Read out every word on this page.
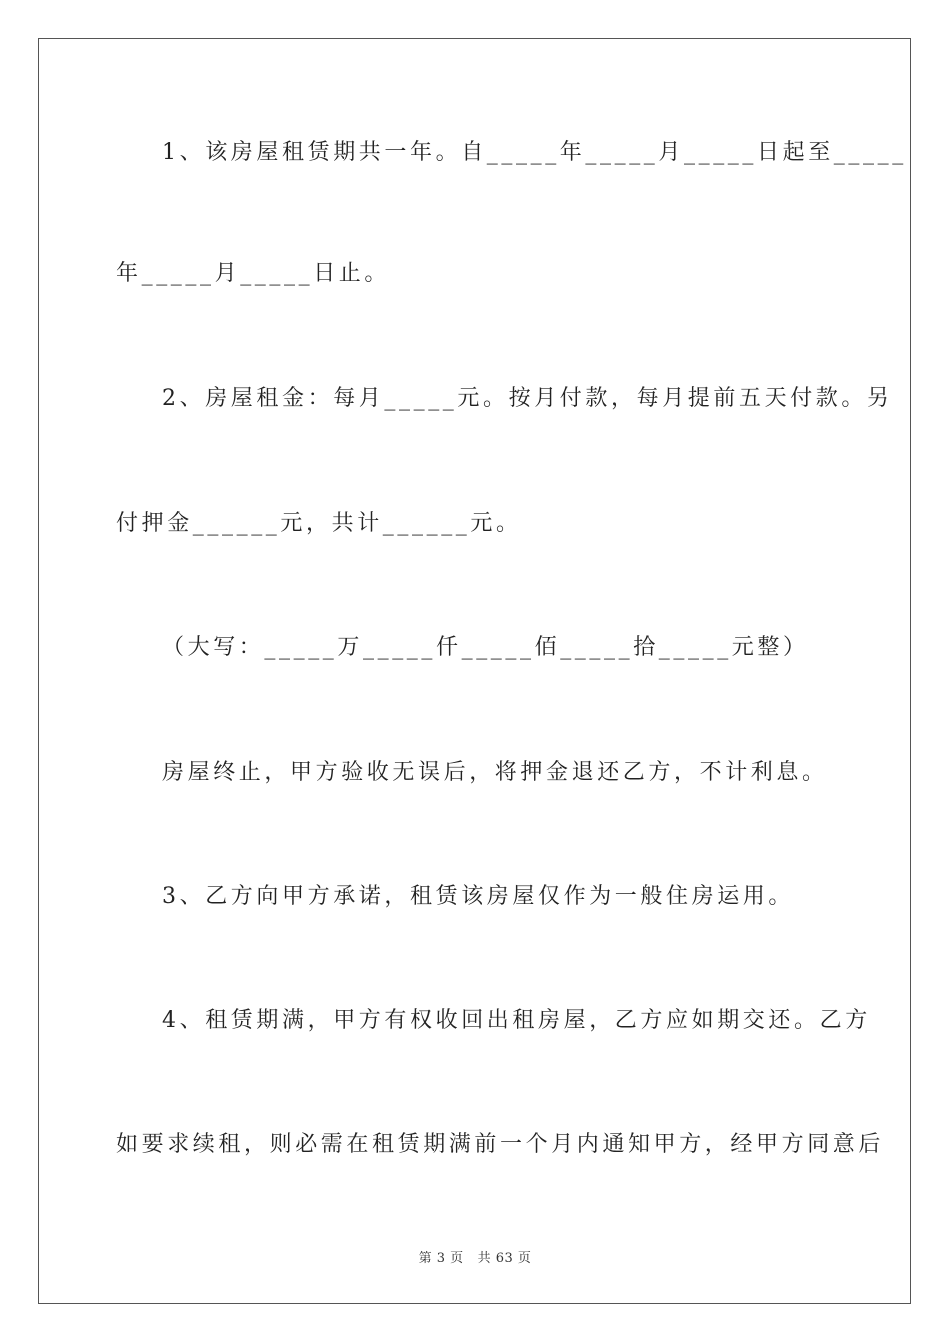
1、该房屋租赁期共一年。自_____年_____月_____日起至_____
年_____月_____日止。
2、房屋租金：每月_____元。按月付款，每月提前五天付款。另
付押金______元，共计______元。
（大写：_____万_____仟_____佰_____拾_____元整）
房屋终止，甲方验收无误后，将押金退还乙方，不计利息。
3、乙方向甲方承诺，租赁该房屋仅作为一般住房运用。
4、租赁期满，甲方有权收回出租房屋，乙方应如期交还。乙方
如要求续租，则必需在租赁期满前一个月内通知甲方，经甲方同意后
第 3 页 共 63 页
